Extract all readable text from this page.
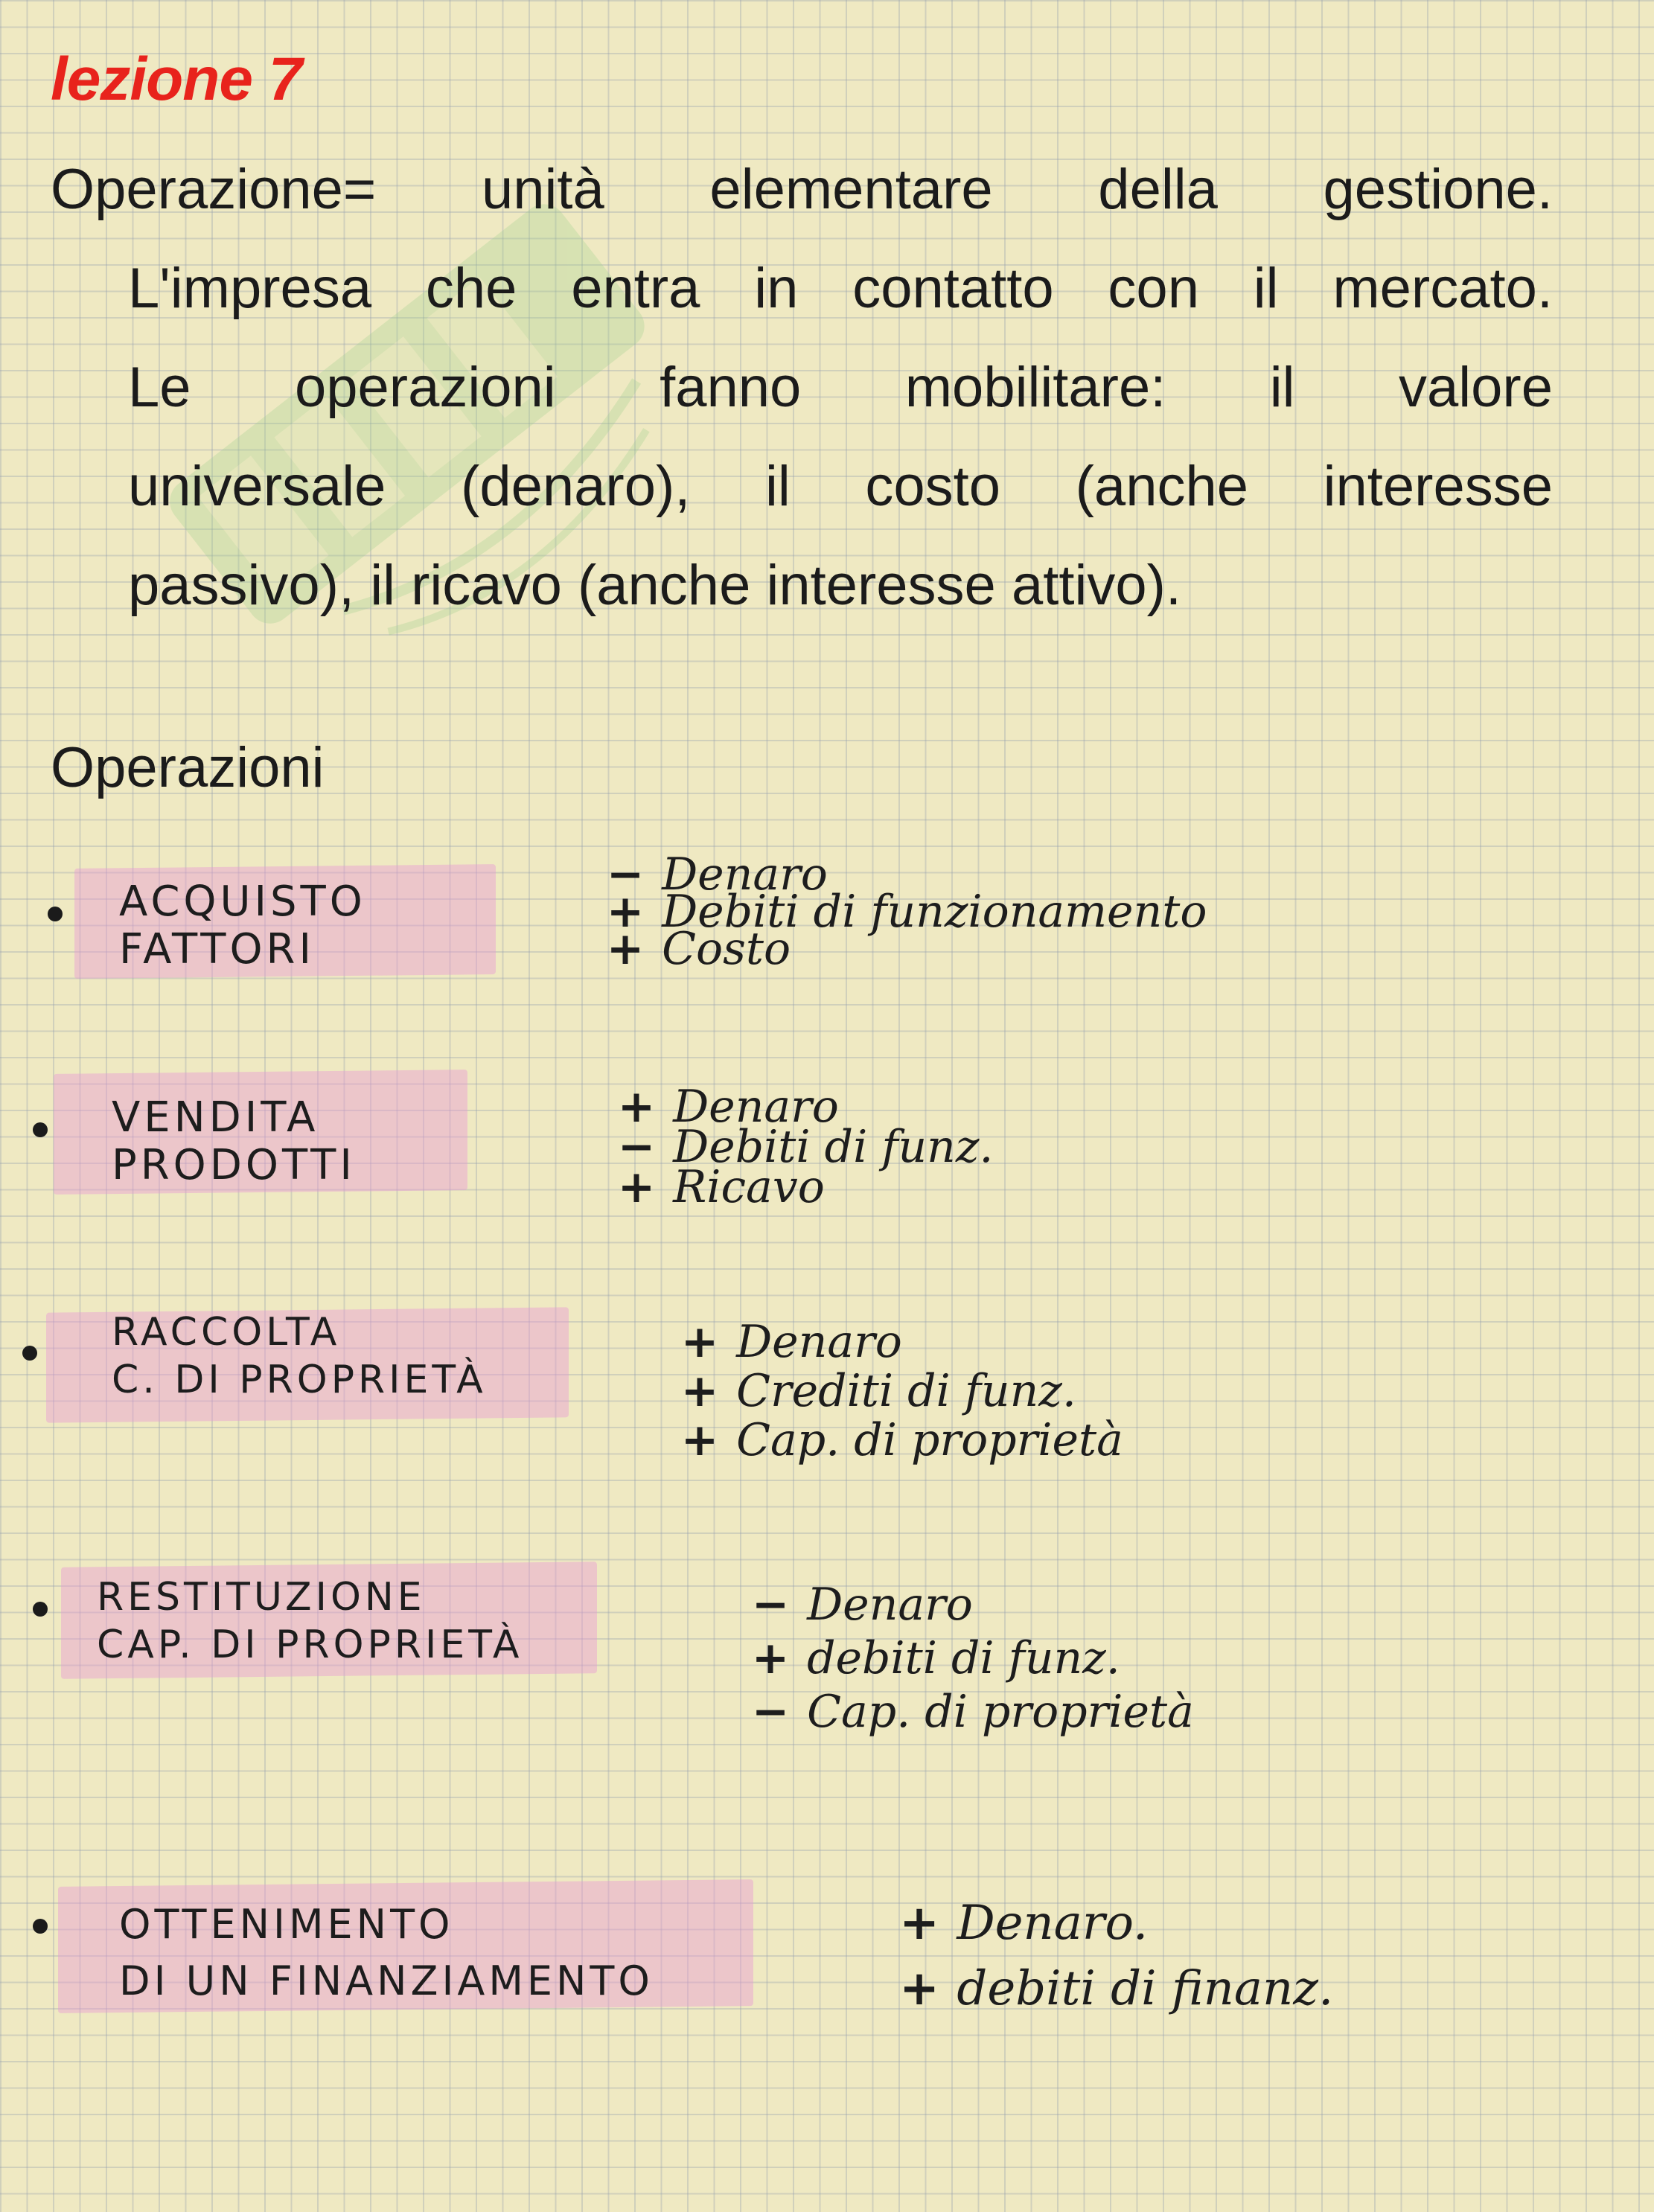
lezione 7

Operazione= unità elementare della gestione.
L'impresa che entra in contatto con il mercato.
Le operazioni fanno mobilitare: il valore
universale (denaro), il costo (anche interesse
passivo), il ricavo (anche interesse attivo).

Operazioni
ACQUISTO
FATTORI
− Denaro
+ Debiti di funzionamento
+ Costo
VENDITA
PRODOTTI
+ Denaro
− Debiti di funz.
+ Ricavo
RACCOLTA
C. DI PROPRIETÀ
+ Denaro
+ Crediti di funz.
+ Cap. di proprietà
RESTITUZIONE
CAP. DI PROPRIETÀ
− Denaro
+ debiti di funz.
− Cap. di proprietà
OTTENIMENTO
DI UN FINANZIAMENTO
+ Denaro.
+ debiti di finanz.
